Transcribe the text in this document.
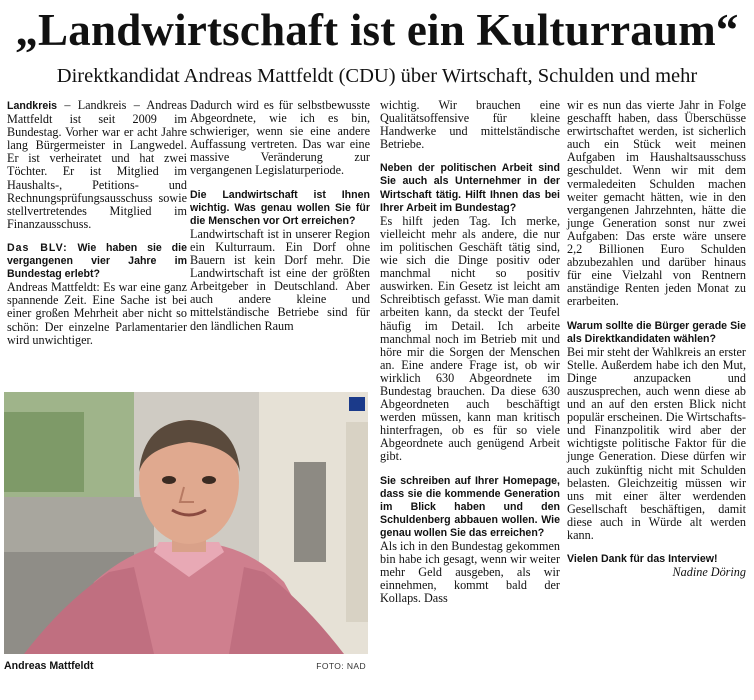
„Landwirtschaft ist ein Kulturraum“
Direktkandidat Andreas Mattfeldt (CDU) über Wirtschaft, Schulden und mehr

Landkreis – Landkreis – Andreas Mattfeldt ist seit 2009 im Bundestag. Vorher war er acht Jahre lang Bürgermeister in Langwedel. Er ist verheiratet und hat zwei Töchter. Er ist Mitglied im Haushalts-, Petitions- und Rechnungsprüfungsausschuss sowie stellvertretendes Mitglied im Finanzausschuss.

Das BLV: Wie haben sie die vergangenen vier Jahre im Bundestag erlebt?

Andreas Mattfeldt: Es war eine ganz spannende Zeit. Eine Sache ist bei einer großen Mehrheit aber nicht so schön: Der einzelne Parlamentarier wird unwichtiger.

Dadurch wird es für selbstbewusste Abgeordnete, wie ich es bin, schwieriger, wenn sie eine andere Auffassung vertreten. Das war eine massive Veränderung zur vergangenen Legislaturperiode.

Die Landwirtschaft ist Ihnen wichtig. Was genau wollen Sie für die Menschen vor Ort erreichen?

Landwirtschaft ist in unserer Region ein Kulturraum. Ein Dorf ohne Bauern ist kein Dorf mehr. Die Landwirtschaft ist eine der größten Arbeitgeber in Deutschland. Aber auch andere kleine und mittelständische Betriebe sind für den ländlichen Raum

wichtig. Wir brauchen eine Qualitätsoffensive für kleine Handwerke und mittelständische Betriebe.

Neben der politischen Arbeit sind Sie auch als Unternehmer in der Wirtschaft tätig. Hilft Ihnen das bei Ihrer Arbeit im Bundestag?

Es hilft jeden Tag. Ich merke, vielleicht mehr als andere, die nur im politischen Geschäft tätig sind, wie sich die Dinge positiv oder manchmal nicht so positiv auswirken. Ein Gesetz ist leicht am Schreibtisch gefasst. Wie man damit arbeiten kann, da steckt der Teufel häufig im Detail. Ich arbeite manchmal noch im Betrieb mit und höre mir die Sorgen der Menschen an. Eine andere Frage ist, ob wir wirklich 630 Abgeordnete im Bundestag brauchen. Da diese 630 Abgeordneten auch beschäftigt werden müssen, kann man kritisch hinterfragen, ob es für so viele Abgeordnete auch genügend Arbeit gibt.

Sie schreiben auf Ihrer Homepage, dass sie die kommende Generation im Blick haben und den Schuldenberg abbauen wollen. Wie genau wollen Sie das erreichen?

Als ich in den Bundestag gekommen bin habe ich gesagt, wenn wir weiter mehr Geld ausgeben, als wir einnehmen, kommt bald der Kollaps. Dass

wir es nun das vierte Jahr in Folge geschafft haben, dass Überschüsse erwirtschaftet werden, ist sicherlich auch ein Stück weit meinen Aufgaben im Haushaltsausschuss geschuldet. Wenn wir mit dem vermaledeiten Schulden machen weiter gemacht hätten, wie in den vergangenen Jahrzehnten, hätte die junge Generation sonst nur zwei Aufgaben: Das erste wäre unsere 2,2 Billionen Euro Schulden abzubezahlen und darüber hinaus für eine Vielzahl von Rentnern anständige Renten jeden Monat zu erarbeiten.

Warum sollte die Bürger gerade Sie als Direktkandidaten wählen?

Bei mir steht der Wahlkreis an erster Stelle. Außerdem habe ich den Mut, Dinge anzupacken und auszusprechen, auch wenn diese ab und an auf den ersten Blick nicht populär erscheinen. Die Wirtschafts- und Finanzpolitik wird aber der wichtigste politische Faktor für die junge Generation. Diese dürfen wir auch zukünftig nicht mit Schulden belasten. Gleichzeitig müssen wir uns mit einer älter werdenden Gesellschaft beschäftigen, damit diese auch in Würde alt werden kann.

Vielen Dank für das Interview!

Nadine Döring

Andreas Mattfeldt	FOTO: NAD
